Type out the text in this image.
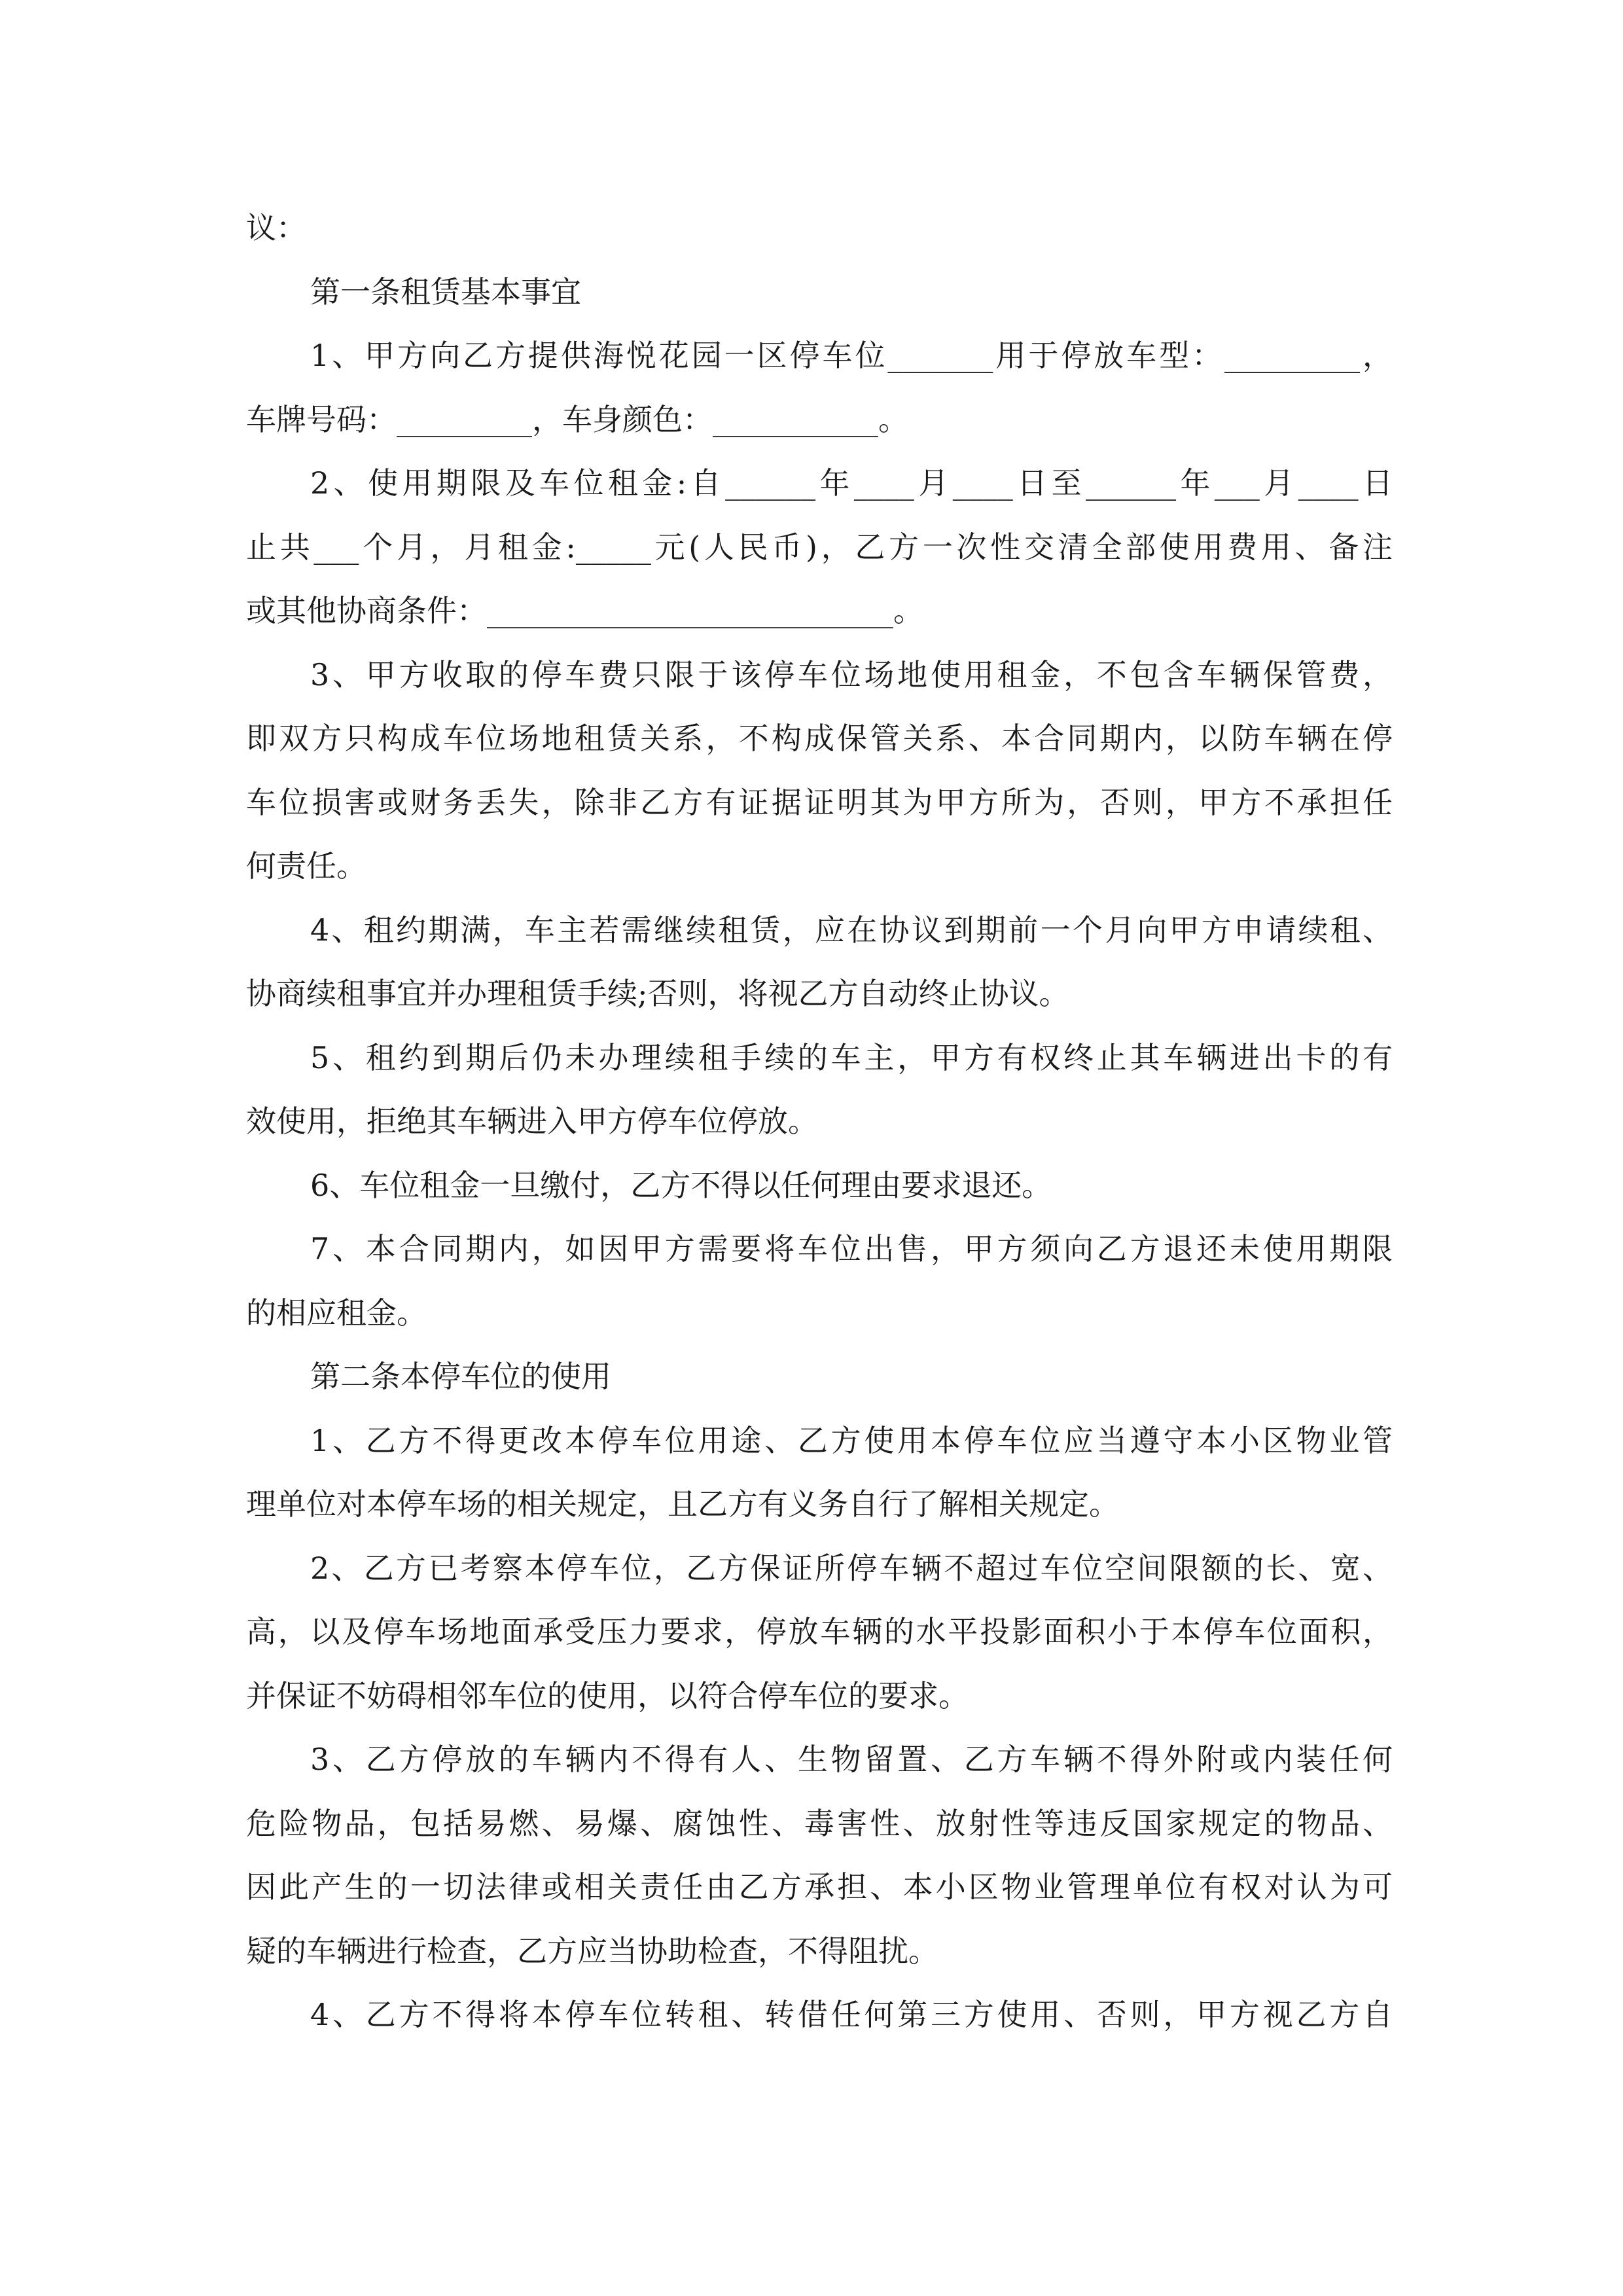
议：
第一条租赁基本事宜
1、甲方向乙方提供海悦花园一区停车位_______用于停放车型：_________，
车牌号码：_________，车身颜色：___________。
2、使用期限及车位租金:自______年____月____日至______年___月____日
止共___个月，月租金:_____元(人民币)，乙方一次性交清全部使用费用、备注
或其他协商条件：___________________________。
3、甲方收取的停车费只限于该停车位场地使用租金，不包含车辆保管费，
即双方只构成车位场地租赁关系，不构成保管关系、本合同期内，以防车辆在停
车位损害或财务丢失，除非乙方有证据证明其为甲方所为，否则，甲方不承担任
何责任。
4、租约期满，车主若需继续租赁，应在协议到期前一个月向甲方申请续租、
协商续租事宜并办理租赁手续;否则，将视乙方自动终止协议。
5、租约到期后仍未办理续租手续的车主，甲方有权终止其车辆进出卡的有
效使用，拒绝其车辆进入甲方停车位停放。
6、车位租金一旦缴付，乙方不得以任何理由要求退还。
7、本合同期内，如因甲方需要将车位出售，甲方须向乙方退还未使用期限
的相应租金。
第二条本停车位的使用
1、乙方不得更改本停车位用途、乙方使用本停车位应当遵守本小区物业管
理单位对本停车场的相关规定，且乙方有义务自行了解相关规定。
2、乙方已考察本停车位，乙方保证所停车辆不超过车位空间限额的长、宽、
高，以及停车场地面承受压力要求，停放车辆的水平投影面积小于本停车位面积，
并保证不妨碍相邻车位的使用，以符合停车位的要求。
3、乙方停放的车辆内不得有人、生物留置、乙方车辆不得外附或内装任何
危险物品，包括易燃、易爆、腐蚀性、毒害性、放射性等违反国家规定的物品、
因此产生的一切法律或相关责任由乙方承担、本小区物业管理单位有权对认为可
疑的车辆进行检查，乙方应当协助检查，不得阻扰。
4、乙方不得将本停车位转租、转借任何第三方使用、否则，甲方视乙方自
